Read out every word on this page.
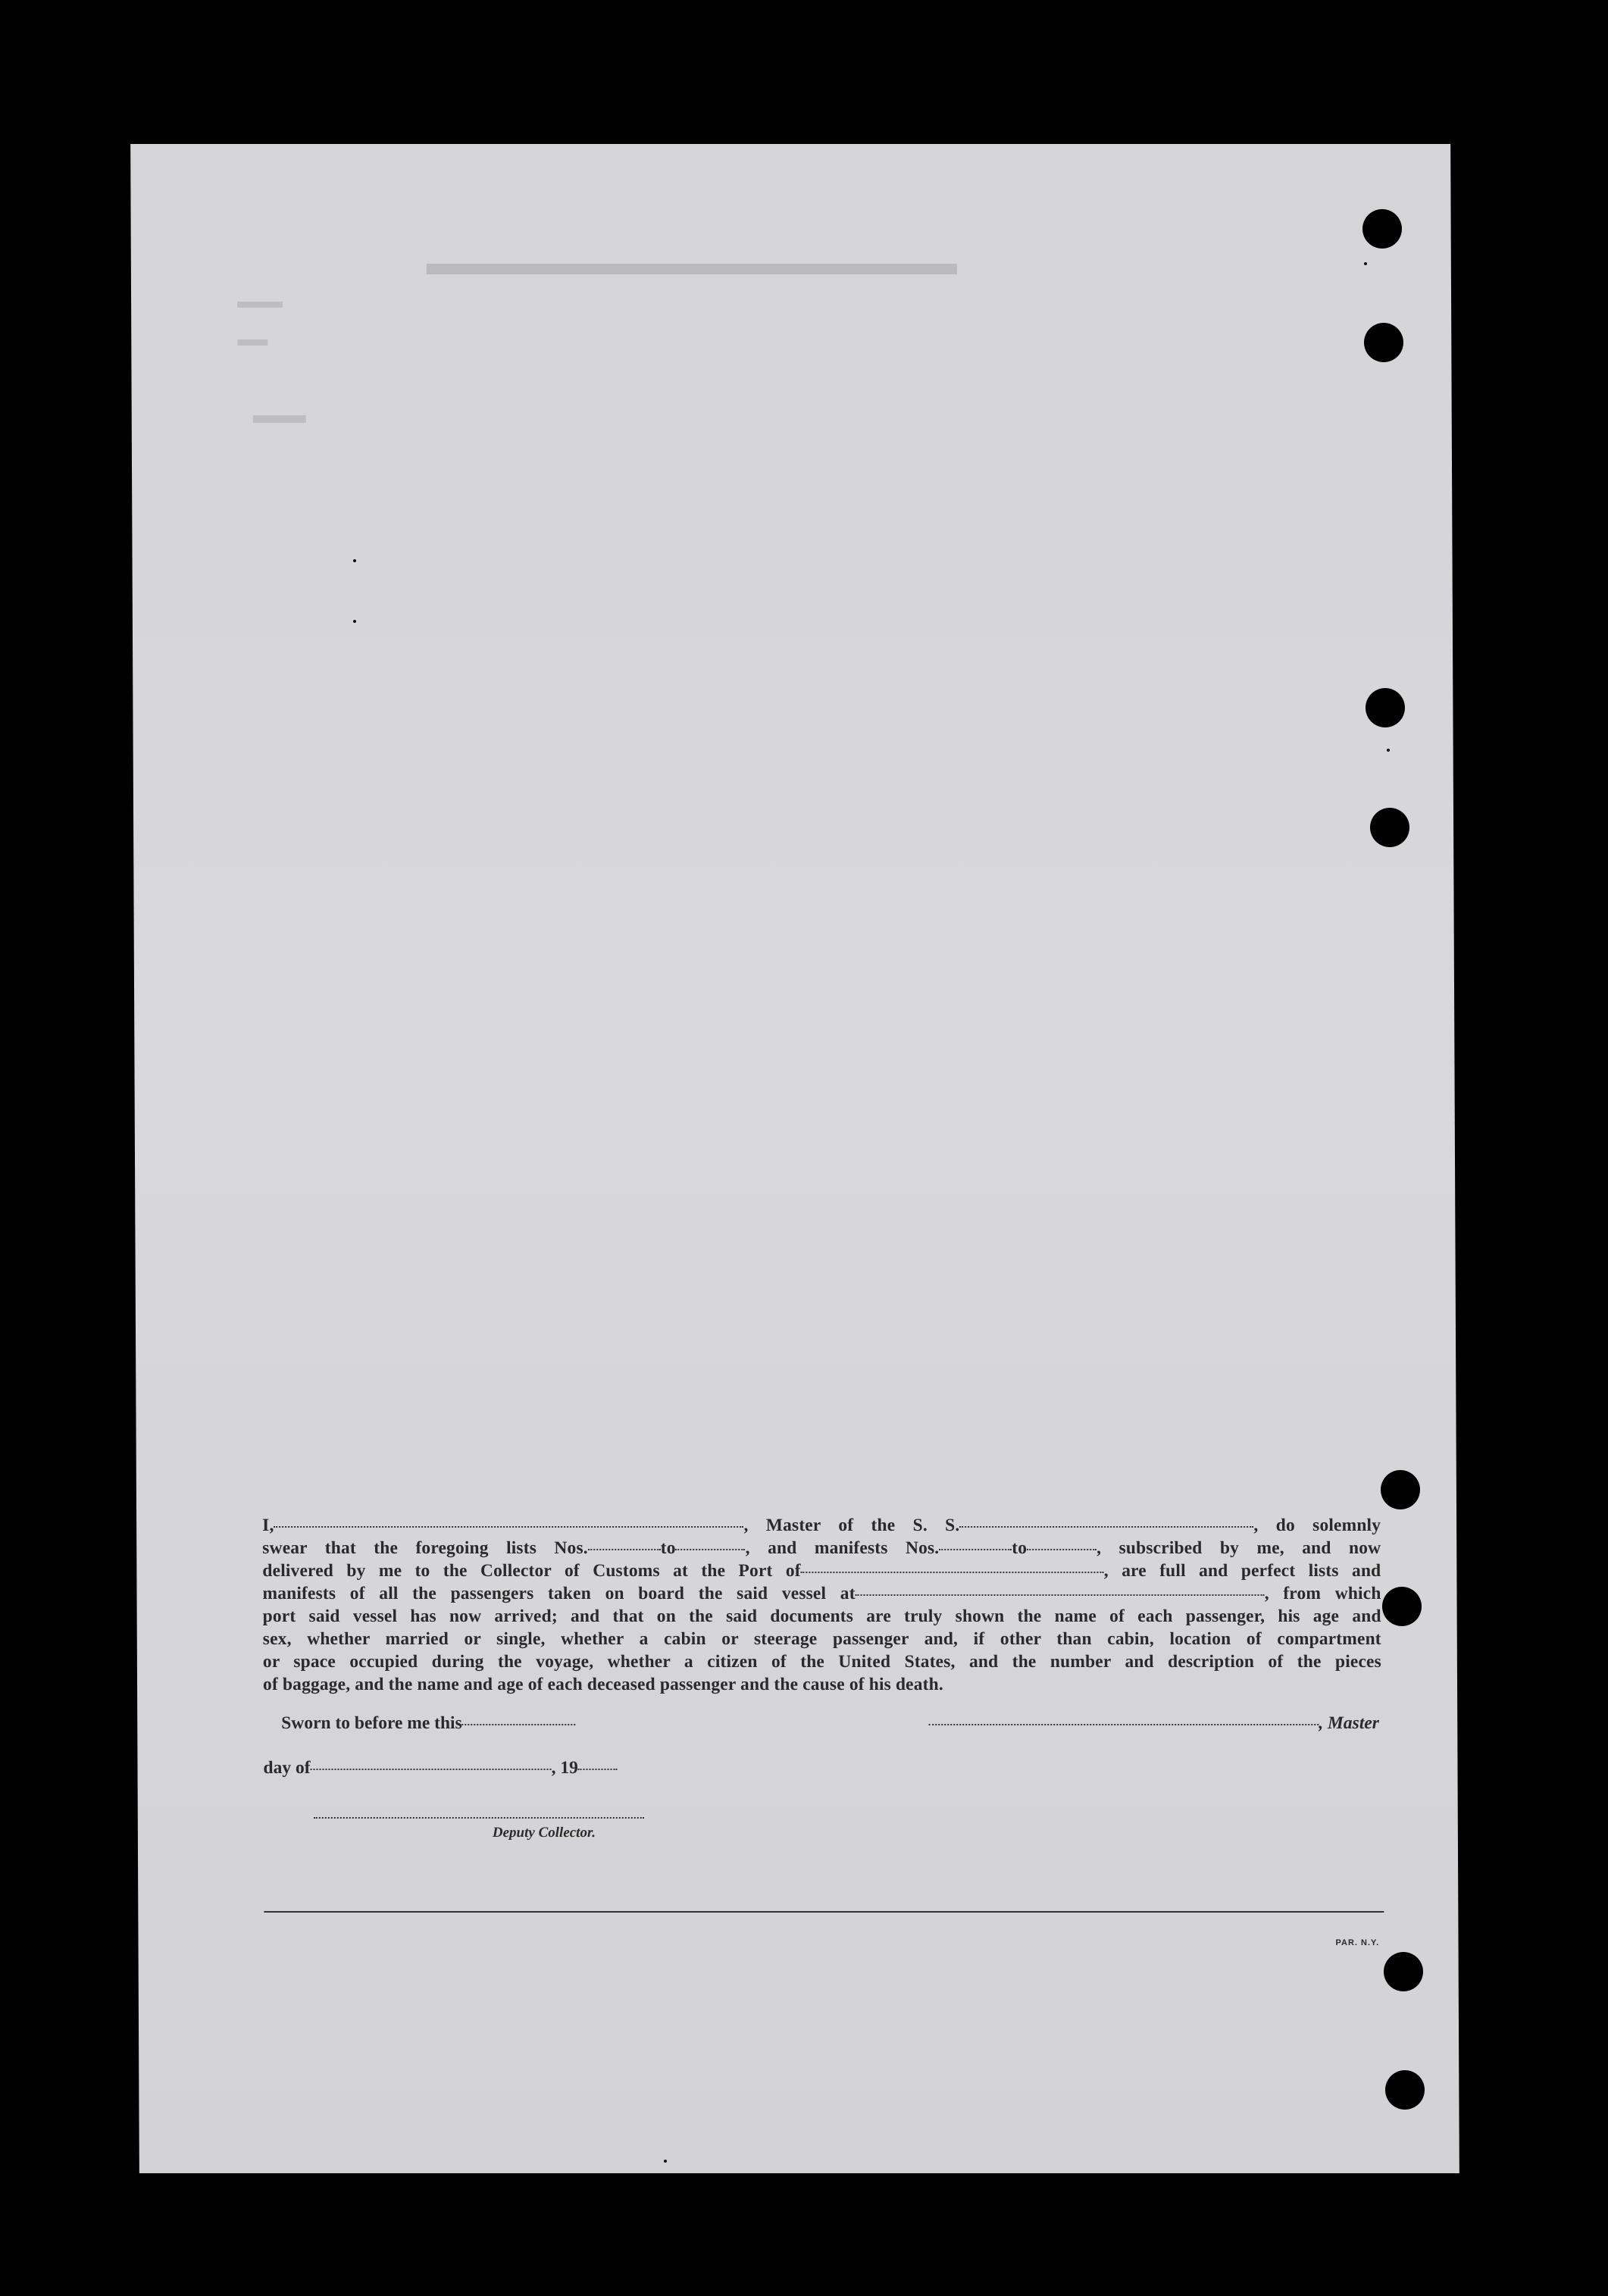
I,	, Master of the S. S.	, do solemnly

swear that the foregoing lists Nos.	to	, and manifests Nos.	to	, subscribed by me, and now

delivered by me to the Collector of Customs at the Port of	, are full and perfect lists and

manifests of all the passengers taken on board the said vessel at	, from which

port said vessel has now arrived; and that on the said documents are truly shown the name of each passenger, his age and

sex, whether married or single, whether a cabin or steerage passenger and, if other than cabin, location of compartment

or space occupied during the voyage, whether a citizen of the United States, and the number and description of the pieces

of baggage, and the name and age of each deceased passenger and the cause of his death.

Sworn to before me this	, Master
day of	, 19
Deputy Collector.
PAR. N.Y.
